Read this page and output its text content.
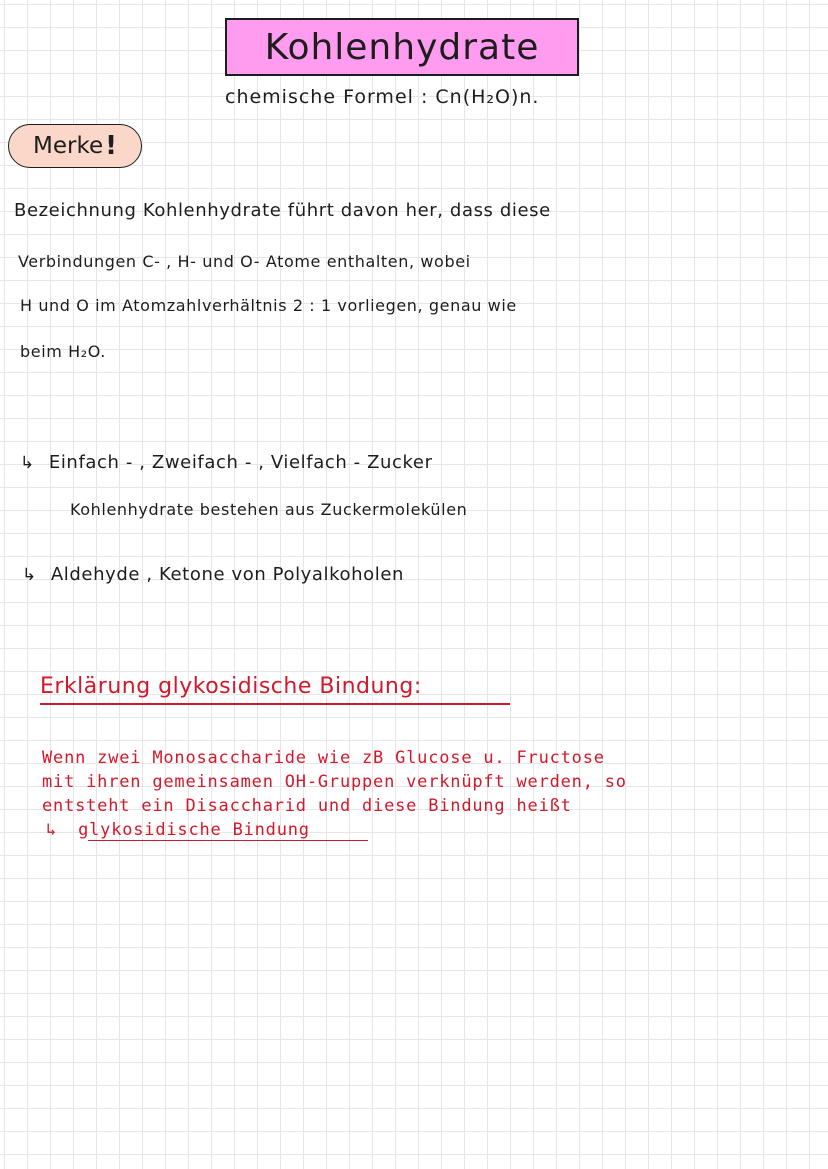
Kohlenhydrate
chemische Formel : Cn(H₂O)n.
Merke !
Bezeichnung Kohlenhydrate führt davon her, dass diese
Verbindungen C- , H- und O- Atome enthalten, wobei
H und O im Atomzahlverhältnis 2 : 1 vorliegen, genau wie
beim H₂O.
↳ Einfach - , Zweifach - , Vielfach - Zucker
Kohlenhydrate bestehen aus Zuckermolekülen
↳ Aldehyde , Ketone von Polyalkoholen
Erklärung glykosidische Bindung:
Wenn zwei Monosaccharide wie zB Glucose u. Fructose
mit ihren gemeinsamen OH-Gruppen verknüpft werden, so
entsteht ein Disaccharid und diese Bindung heißt
↳ glykosidische Bindung
